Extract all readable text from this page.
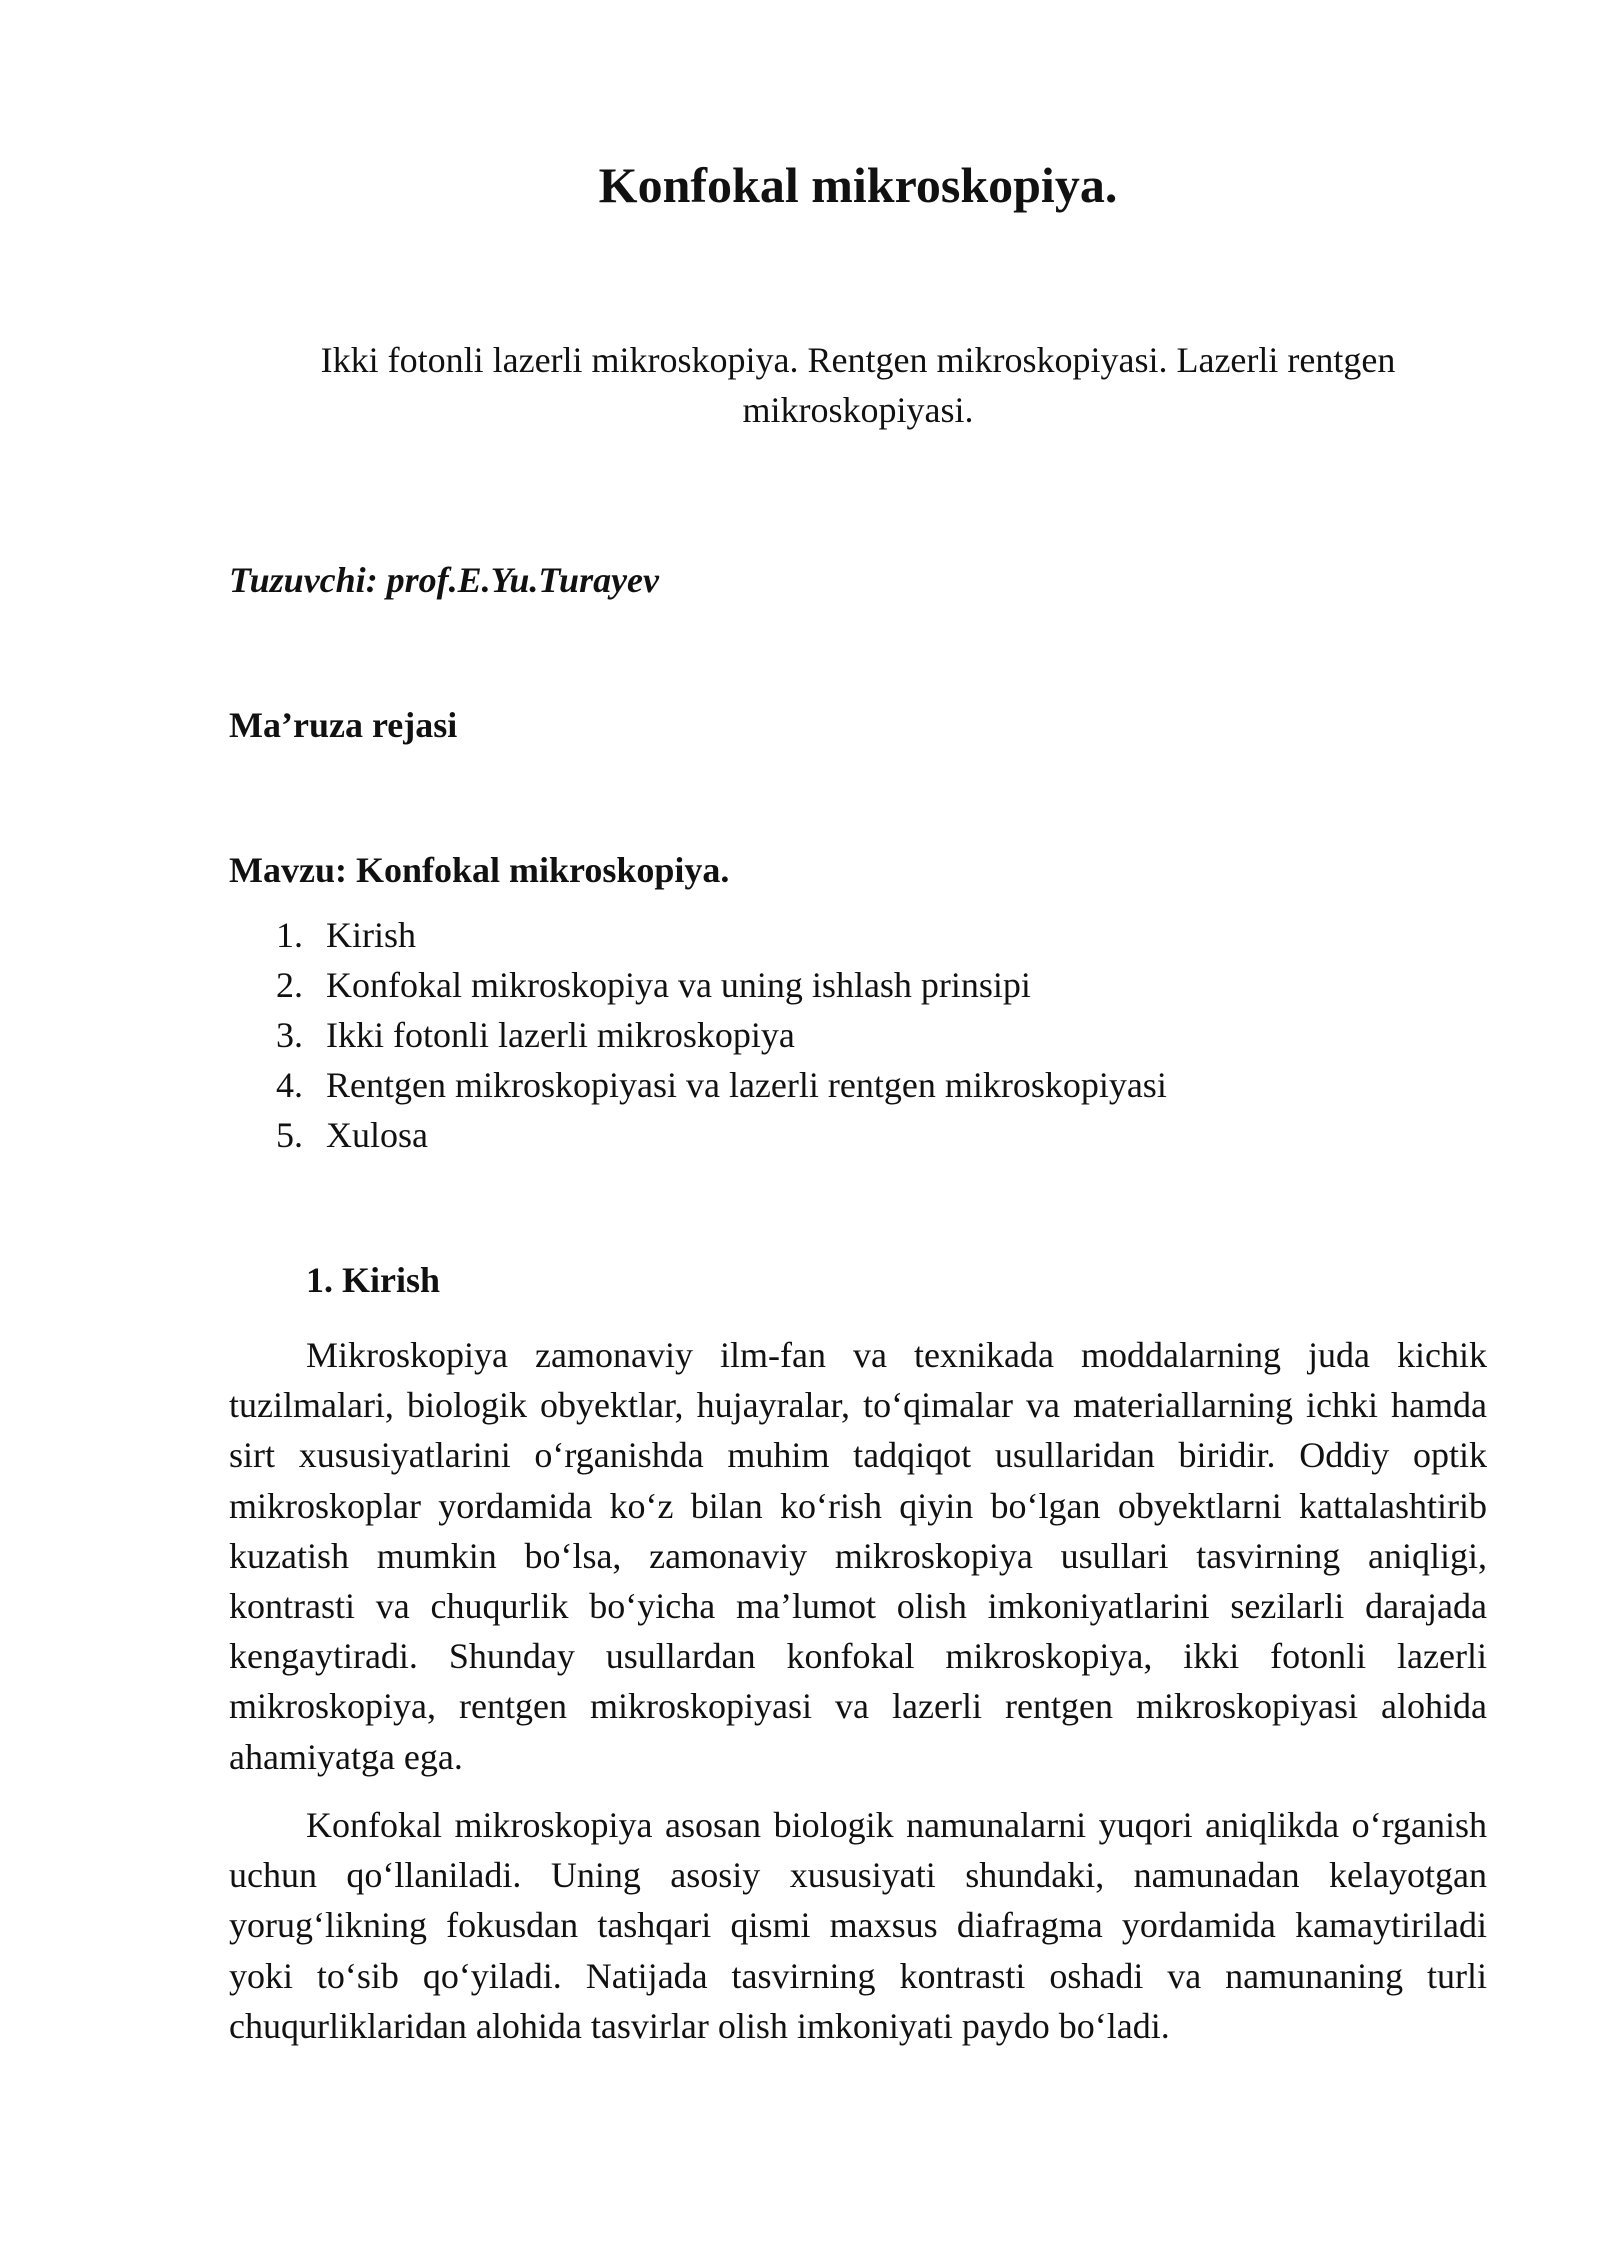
Konfokal mikroskopiya.
Ikki fotonli lazerli mikroskopiya. Rentgen mikroskopiyasi. Lazerli rentgen mikroskopiyasi.
Tuzuvchi: prof.E.Yu.Turayev
Ma’ruza rejasi
Mavzu: Konfokal mikroskopiya.
1. Kirish
2. Konfokal mikroskopiya va uning ishlash prinsipi
3. Ikki fotonli lazerli mikroskopiya
4. Rentgen mikroskopiyasi va lazerli rentgen mikroskopiyasi
5. Xulosa
1. Kirish

Mikroskopiya zamonaviy ilm-fan va texnikada moddalarning juda kichik tuzilmalari, biologik obyektlar, hujayralar, to‘qimalar va materiallarning ichki hamda sirt xususiyatlarini o‘rganishda muhim tadqiqot usullaridan biridir. Oddiy optik mikroskoplar yordamida ko‘z bilan ko‘rish qiyin bo‘lgan obyektlarni kattalashtirib kuzatish mumkin bo‘lsa, zamonaviy mikroskopiya usullari tasvirning aniqligi, kontrasti va chuqurlik bo‘yicha ma’lumot olish imkoniyatlarini sezilarli darajada kengaytiradi. Shunday usullardan konfokal mikroskopiya, ikki fotonli lazerli mikroskopiya, rentgen mikroskopiyasi va lazerli rentgen mikroskopiyasi alohida ahamiyatga ega.

Konfokal mikroskopiya asosan biologik namunalarni yuqori aniqlikda o‘rganish uchun qo‘llaniladi. Uning asosiy xususiyati shundaki, namunadan kelayotgan yorug‘likning fokusdan tashqari qismi maxsus diafragma yordamida kamaytiriladi yoki to‘sib qo‘yiladi. Natijada tasvirning kontrasti oshadi va namunaning turli chuqurliklaridan alohida tasvirlar olish imkoniyati paydo bo‘ladi.
